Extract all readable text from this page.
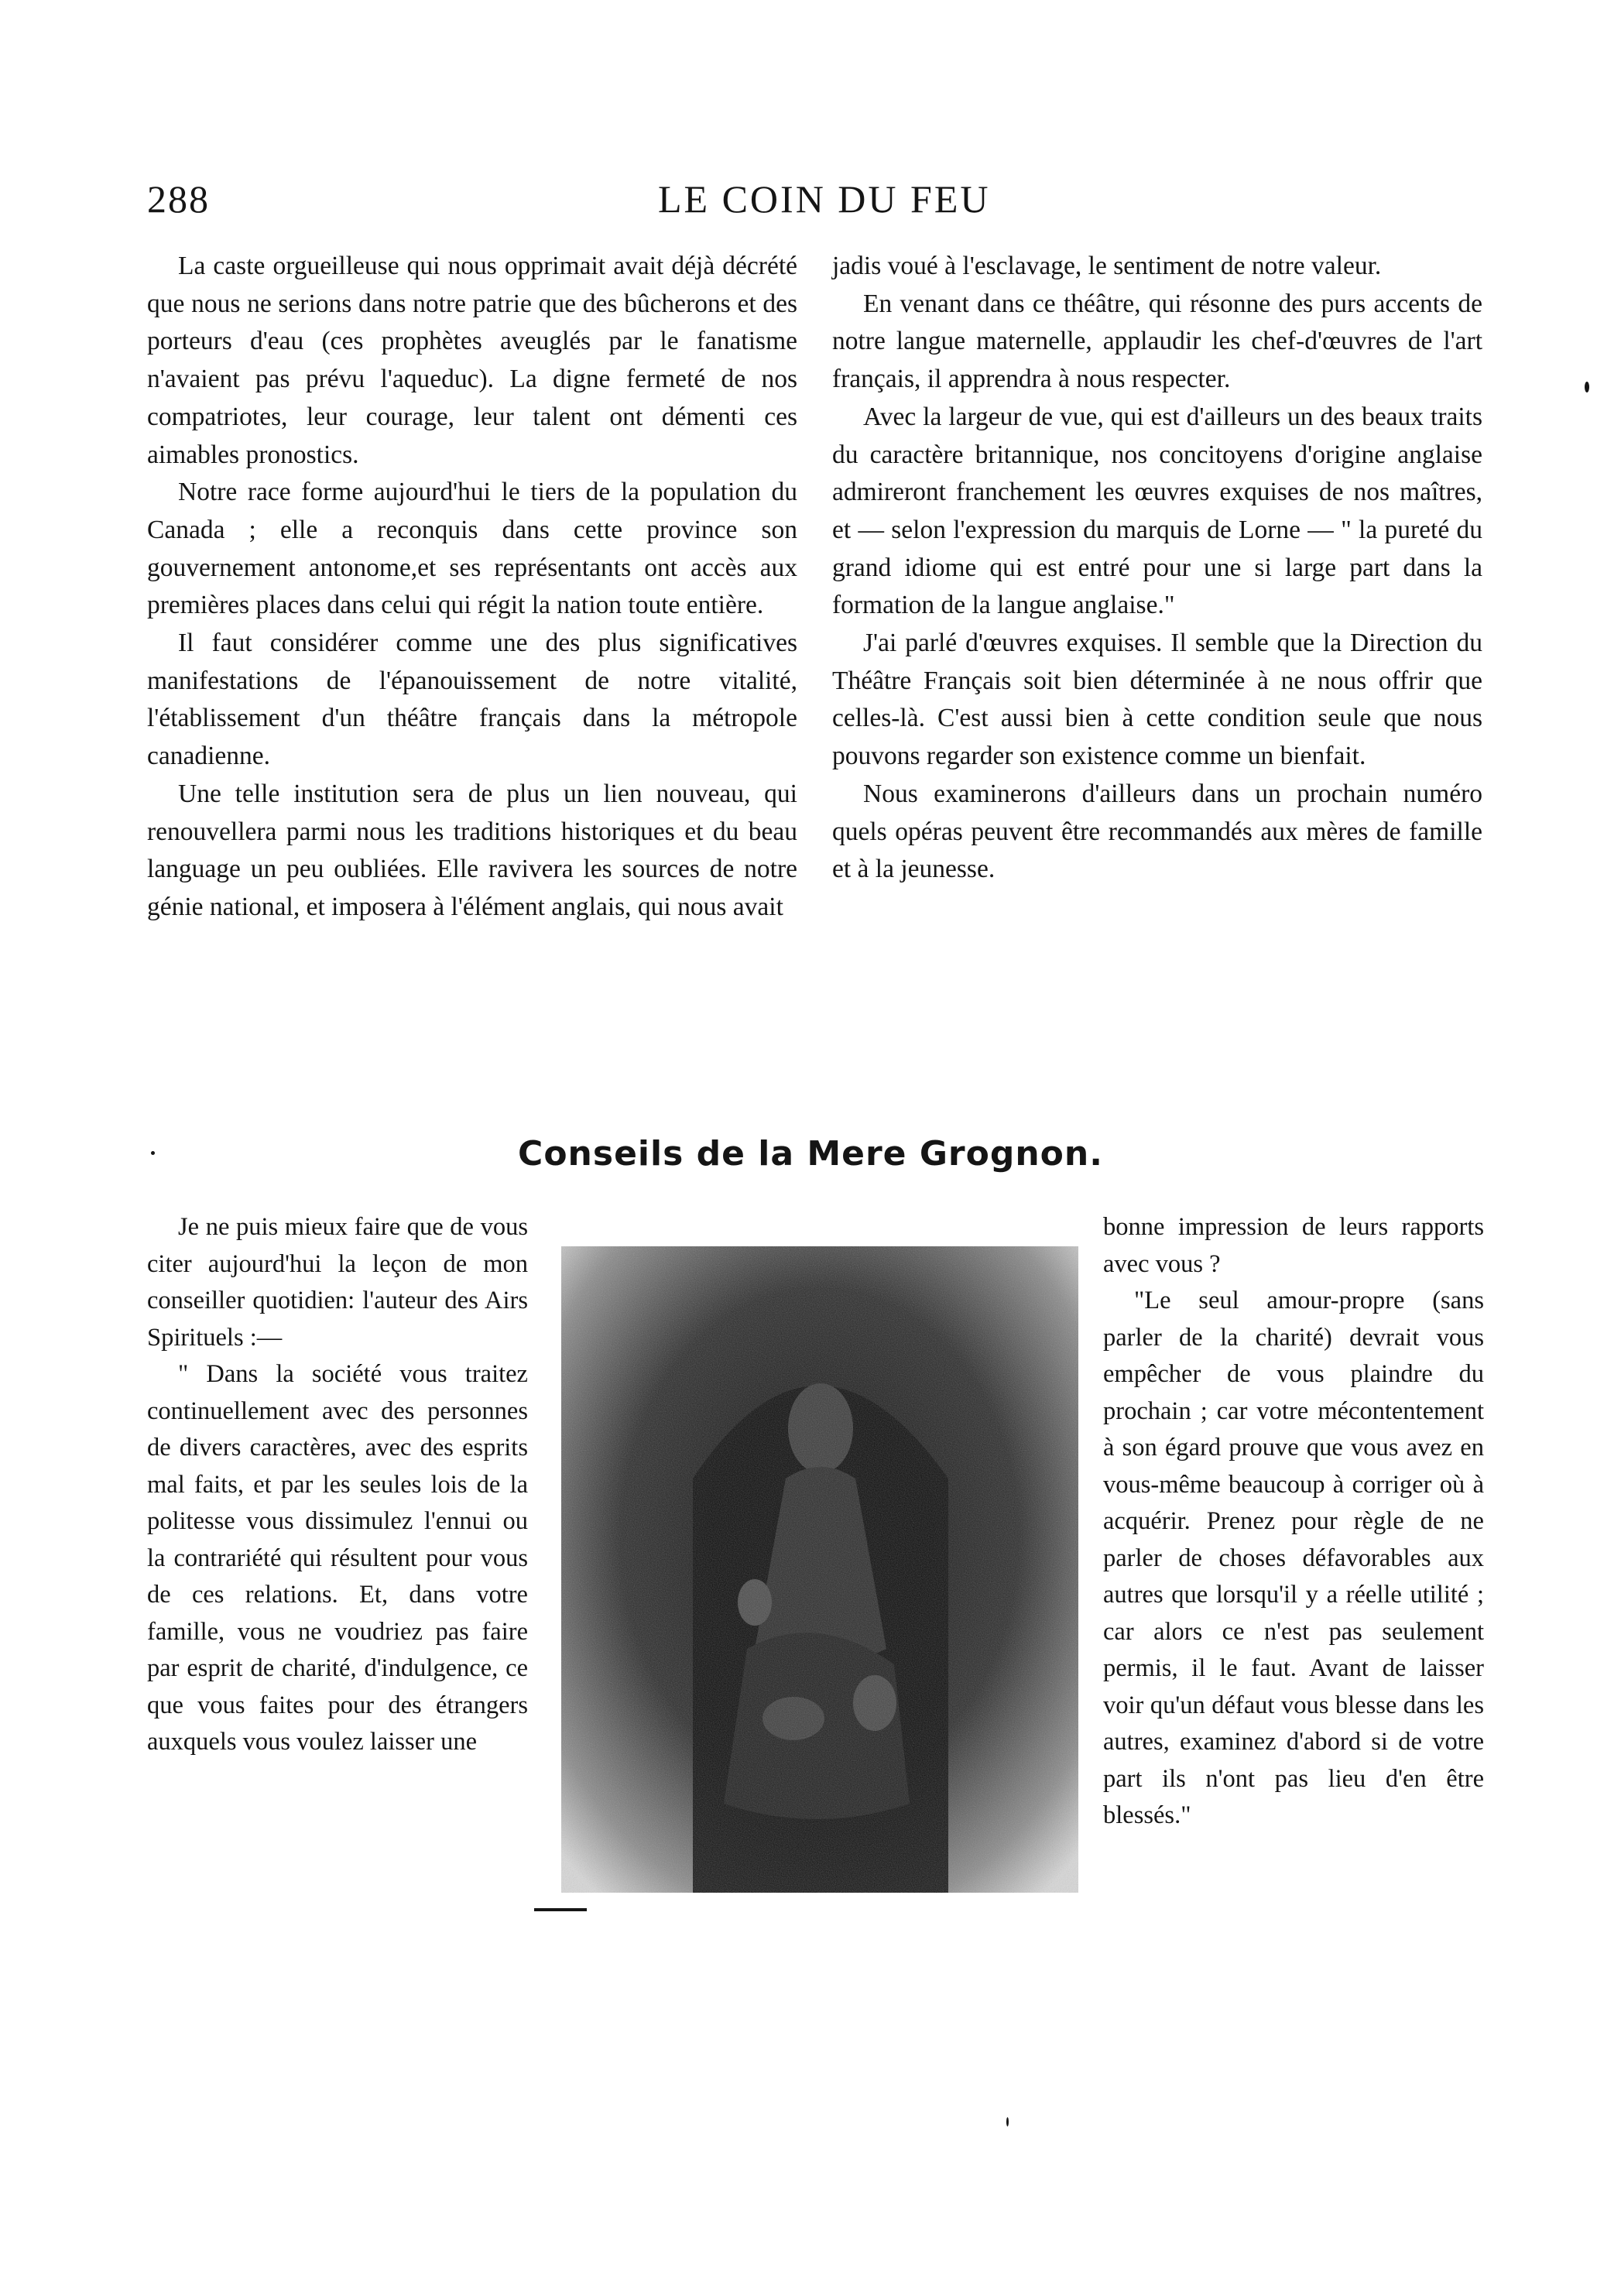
288	LE COIN DU FEU

La caste orgueilleuse qui nous opprimait avait déjà décrété que nous ne serions dans notre patrie que des bûcherons et des porteurs d'eau (ces prophètes aveuglés par le fanatisme n'avaient pas prévu l'aqueduc). La digne fermeté de nos compatriotes, leur courage, leur talent ont démenti ces aimables pronostics.

Notre race forme aujourd'hui le tiers de la population du Canada ; elle a reconquis dans cette province son gouvernement antonome,et ses représentants ont accès aux premières places dans celui qui régit la nation toute entière.

Il faut considérer comme une des plus significatives manifestations de l'épanouissement de notre vitalité, l'établissement d'un théâtre français dans la métropole canadienne.

Une telle institution sera de plus un lien nouveau, qui renouvellera parmi nous les traditions historiques et du beau language un peu oubliées. Elle ravivera les sources de notre génie national, et imposera à l'élément anglais, qui nous avait

jadis voué à l'esclavage, le sentiment de notre valeur.

En venant dans ce théâtre, qui résonne des purs accents de notre langue maternelle, applaudir les chef-d'œuvres de l'art français, il apprendra à nous respecter.

Avec la largeur de vue, qui est d'ailleurs un des beaux traits du caractère britannique, nos concitoyens d'origine anglaise admireront franchement les œuvres exquises de nos maîtres, et — selon l'expression du marquis de Lorne — " la pureté du grand idiome qui est entré pour une si large part dans la formation de la langue anglaise."

J'ai parlé d'œuvres exquises. Il semble que la Direction du Théâtre Français soit bien déterminée à ne nous offrir que celles-là. C'est aussi bien à cette condition seule que nous pouvons regarder son existence comme un bienfait.

Nous examinerons d'ailleurs dans un prochain numéro quels opéras peuvent être recommandés aux mères de famille et à la jeunesse.

Conseils de la Mere Grognon.

Je ne puis mieux faire que de vous citer aujourd'hui la leçon de mon conseiller quotidien: l'auteur des Airs Spirituels :—

" Dans la société vous traitez continuellement avec des personnes de divers caractères, avec des esprits mal faits, et par les seules lois de la politesse vous dissimulez l'ennui ou la contrariété qui résultent pour vous de ces relations. Et, dans votre famille, vous ne voudriez pas faire par esprit de charité, d'indulgence, ce que vous faites pour des étrangers auxquels vous voulez laisser une

bonne impression de leurs rapports avec vous ?

"Le seul amour-propre (sans parler de la charité) devrait vous empêcher de vous plaindre du prochain ; car votre mécontentement à son égard prouve que vous avez en vous-même beaucoup à corriger où à acquérir. Prenez pour règle de ne parler de choses défavorables aux autres que lorsqu'il y a réelle utilité ; car alors ce n'est pas seulement permis, il le faut. Avant de laisser voir qu'un défaut vous blesse dans les autres, examinez d'abord si de votre part ils n'ont pas lieu d'en être blessés."
